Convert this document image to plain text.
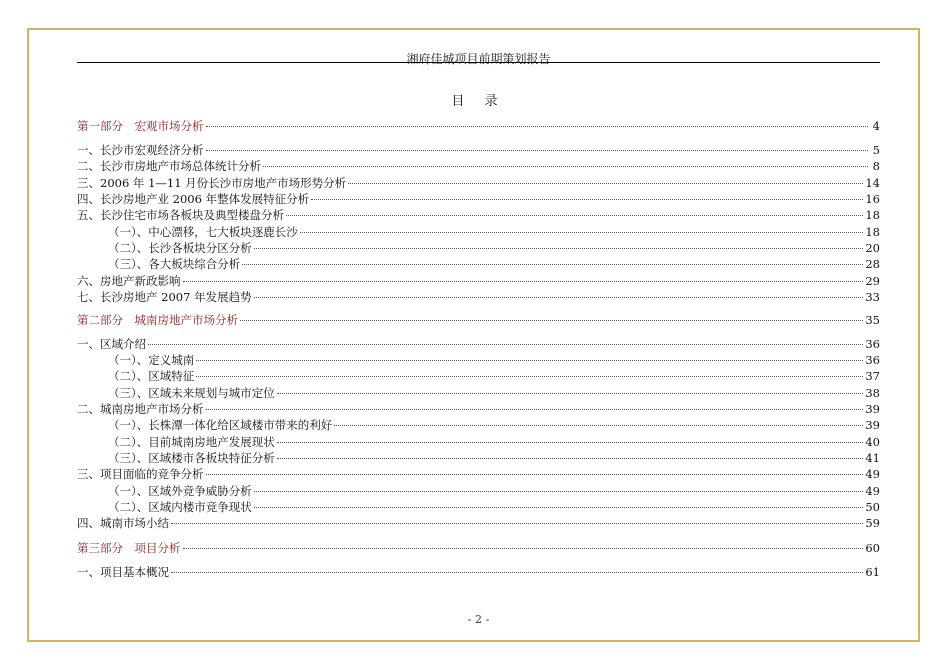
湘府佳城项目前期策划报告
目 录
第一部分　宏观市场分析	4
一、长沙市宏观经济分析	5
二、长沙市房地产市场总体统计分析	8
三、2006 年 1—11 月份长沙市房地产市场形势分析	14
四、长沙房地产业 2006 年整体发展特征分析	16
五、长沙住宅市场各板块及典型楼盘分析	18
（一）、中心漂移，七大板块逐鹿长沙	18
（二）、长沙各板块分区分析	20
（三）、各大板块综合分析	28
六、房地产新政影响	29
七、长沙房地产 2007 年发展趋势	33
第二部分　城南房地产市场分析	35
一、区域介绍	36
（一）、定义城南	36
（二）、区域特征	37
（三）、区域未来规划与城市定位	38
二、城南房地产市场分析	39
（一）、长株潭一体化给区域楼市带来的利好	39
（二）、目前城南房地产发展现状	40
（三）、区域楼市各板块特征分析	41
三、项目面临的竞争分析	49
（一）、区域外竞争威胁分析	49
（二）、区域内楼市竞争现状	50
四、城南市场小结	59
第三部分　项目分析	60
一、项目基本概况	61
- 2 -
